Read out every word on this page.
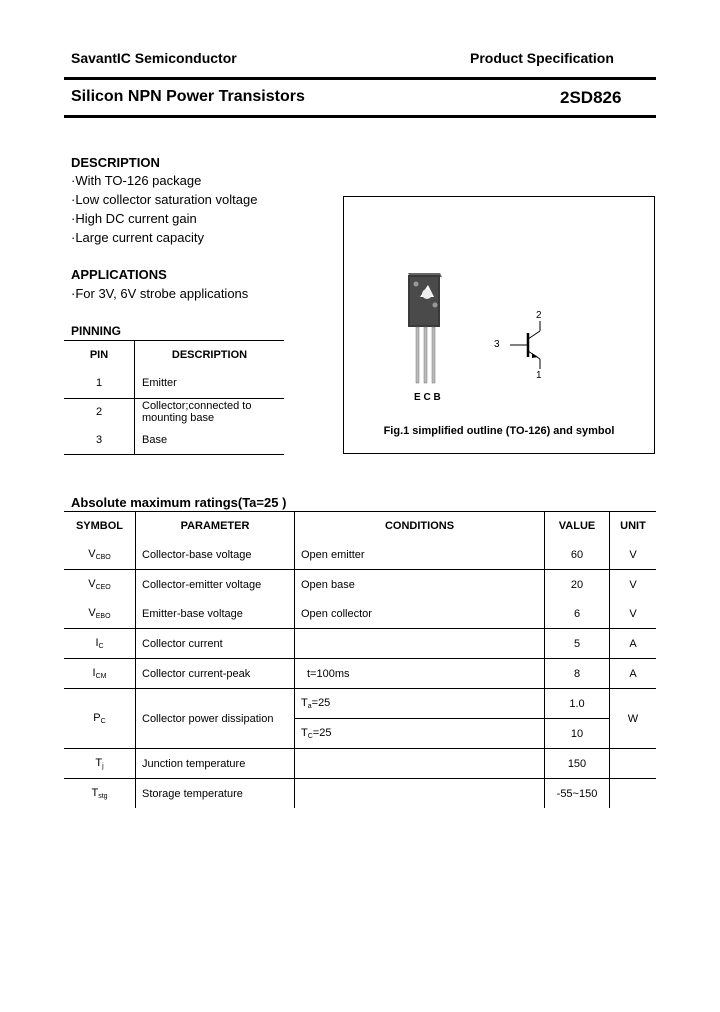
SavantIC Semiconductor	Product Specification
Silicon NPN Power Transistors	2SD826
DESCRIPTION
·With TO-126 package
·Low collector saturation voltage
·High DC current gain
·Large current capacity
APPLICATIONS
·For 3V, 6V strobe applications
PINNING
PIN	DESCRIPTION
1	Emitter
2	Collector;connected to mounting base
3	Base
E C B
2
3
1
Fig.1 simplified outline (TO-126) and symbol
Absolute maximum ratings(Ta=25 )
SYMBOL	PARAMETER	CONDITIONS	VALUE	UNIT
$V_{CBO}$	Collector-base voltage	Open emitter	60	V
$V_{CEO}$	Collector-emitter voltage	Open base	20	V
$V_{EBO}$	Emitter-base voltage	Open collector	6	V
$I_C$	Collector current		5	A
$I_{CM}$	Collector current-peak	t=100ms	8	A
$P_C$	Collector power dissipation	$T_a=25$	1.0	W
		$T_C=25$	10	
$T_j$	Junction temperature		150	
$T_{stg}$	Storage temperature		-55~150	
